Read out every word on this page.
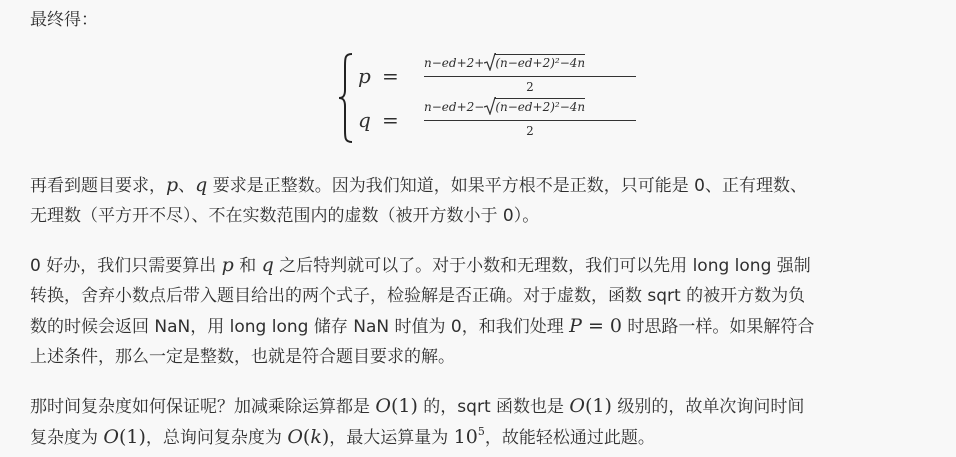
最终得：

p =
n−ed+2+ (n−ed+2)²−4n
2
q =
n−ed+2− (n−ed+2)²−4n
2

再看到题目要求，p、q 要求是正整数。因为我们知道，如果平方根不是正数，只可能是 0、正有理数、
无理数（平方开不尽）、不在实数范围内的虚数（被开方数小于 0）。

0 好办，我们只需要算出 p 和 q 之后特判就可以了。对于小数和无理数，我们可以先用 long long 强制
转换，舍弃小数点后带入题目给出的两个式子，检验解是否正确。对于虚数，函数 sqrt 的被开方数为负
数的时候会返回 NaN，用 long long 储存 NaN 时值为 0，和我们处理 P = 0 时思路一样。如果解符合
上述条件，那么一定是整数，也就是符合题目要求的解。

那时间复杂度如何保证呢？加减乘除运算都是 O(1) 的，sqrt 函数也是 O(1) 级别的，故单次询问时间
复杂度为 O(1)，总询问复杂度为 O(k)，最大运算量为 $10^5$，故能轻松通过此题。
